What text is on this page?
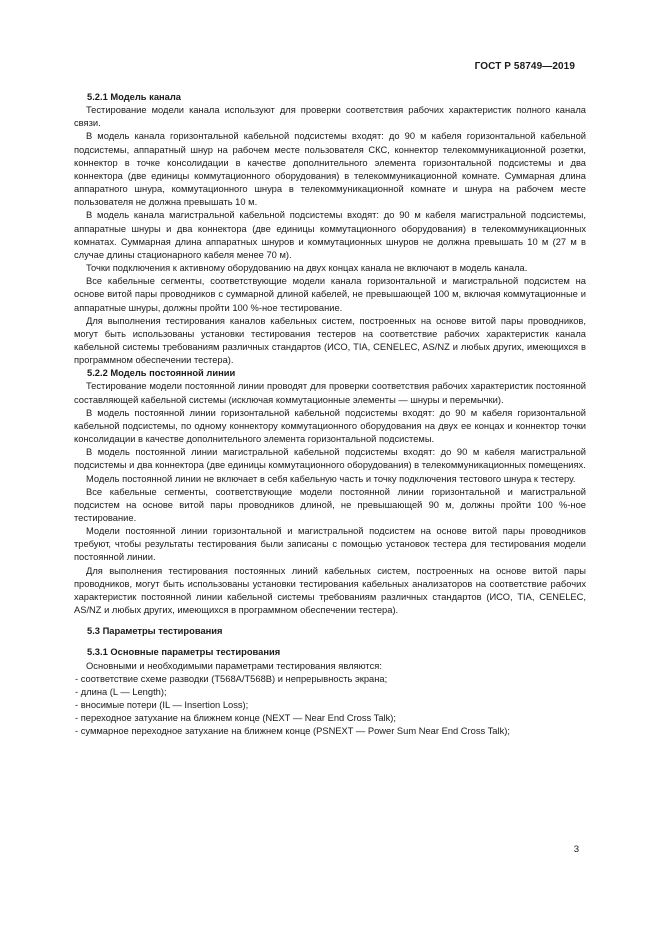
ГОСТ Р 58749—2019

5.2.1 Модель канала

Тестирование модели канала используют для проверки соответствия рабочих характеристик полного канала связи.

В модель канала горизонтальной кабельной подсистемы входят: до 90 м кабеля горизонтальной кабельной подсистемы, аппаратный шнур на рабочем месте пользователя СКС, коннектор телекоммуникационной розетки, коннектор в точке консолидации в качестве дополнительного элемента горизонтальной подсистемы и два коннектора (две единицы коммутационного оборудования) в телекоммуникационной комнате. Суммарная длина аппаратного шнура, коммутационного шнура в телекоммуникационной комнате и шнура на рабочем месте пользователя не должна превышать 10 м.

В модель канала магистральной кабельной подсистемы входят: до 90 м кабеля магистральной подсистемы, аппаратные шнуры и два коннектора (две единицы коммутационного оборудования) в телекоммуникационных комнатах. Суммарная длина аппаратных шнуров и коммутационных шнуров не должна превышать 10 м (27 м в случае длины стационарного кабеля менее 70 м).

Точки подключения к активному оборудованию на двух концах канала не включают в модель канала.

Все кабельные сегменты, соответствующие модели канала горизонтальной и магистральной подсистем на основе витой пары проводников с суммарной длиной кабелей, не превышающей 100 м, включая коммутационные и аппаратные шнуры, должны пройти 100 %-ное тестирование.

Для выполнения тестирования каналов кабельных систем, построенных на основе витой пары проводников, могут быть использованы установки тестирования тестеров на соответствие рабочих характеристик канала кабельной системы требованиям различных стандартов (ИСО, TIA, CENELEC, AS/NZ и любых других, имеющихся в программном обеспечении тестера).

5.2.2 Модель постоянной линии

Тестирование модели постоянной линии проводят для проверки соответствия рабочих характеристик постоянной составляющей кабельной системы (исключая коммутационные элементы — шнуры и перемычки).

В модель постоянной линии горизонтальной кабельной подсистемы входят: до 90 м кабеля горизонтальной кабельной подсистемы, по одному коннектору коммутационного оборудования на двух ее концах и коннектор точки консолидации в качестве дополнительного элемента горизонтальной подсистемы.

В модель постоянной линии магистральной кабельной подсистемы входят: до 90 м кабеля магистральной подсистемы и два коннектора (две единицы коммутационного оборудования) в телекоммуникационных помещениях.

Модель постоянной линии не включает в себя кабельную часть и точку подключения тестового шнура к тестеру.

Все кабельные сегменты, соответствующие модели постоянной линии горизонтальной и магистральной подсистем на основе витой пары проводников длиной, не превышающей 90 м, должны пройти 100 %-ное тестирование.

Модели постоянной линии горизонтальной и магистральной подсистем на основе витой пары проводников требуют, чтобы результаты тестирования были записаны с помощью установок тестера для тестирования модели постоянной линии.

Для выполнения тестирования постоянных линий кабельных систем, построенных на основе витой пары проводников, могут быть использованы установки тестирования кабельных анализаторов на соответствие рабочих характеристик постоянной линии кабельной системы требованиям различных стандартов (ИСО, TIA, CENELEC, AS/NZ и любых других, имеющихся в программном обеспечении тестера).

5.3 Параметры тестирования

5.3.1 Основные параметры тестирования

Основными и необходимыми параметрами тестирования являются:

- соответствие схеме разводки (T568A/T568B) и непрерывность экрана;
- длина (L — Length);
- вносимые потери (IL — Insertion Loss);
- переходное затухание на ближнем конце (NEXT — Near End Cross Talk);
- суммарное переходное затухание на ближнем конце (PSNEXT — Power Sum Near End Cross Talk);
3
